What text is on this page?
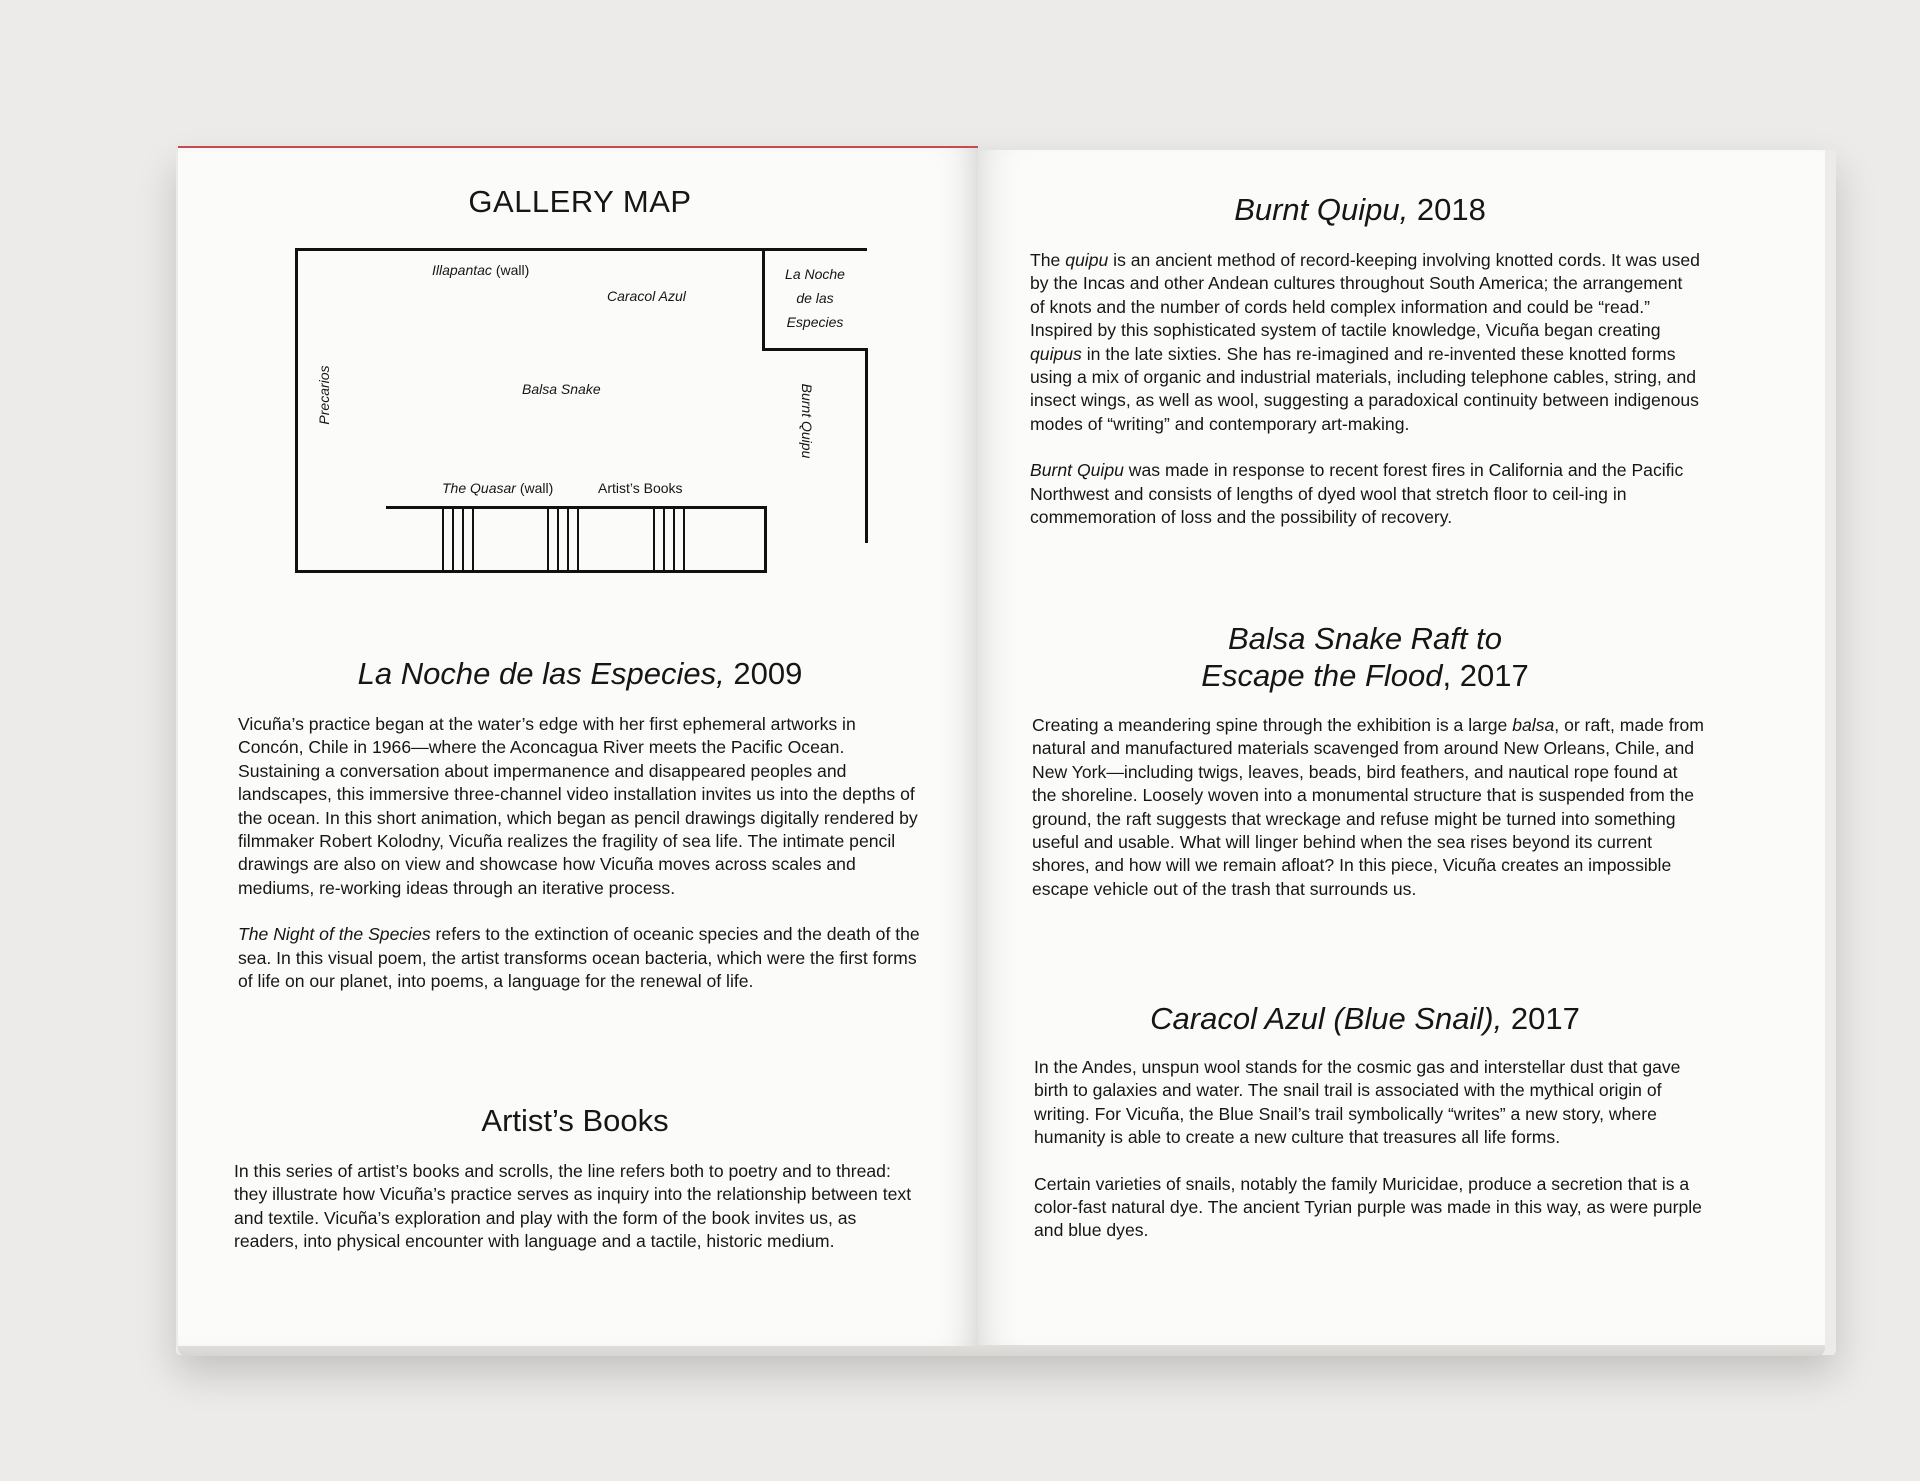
GALLERY MAP
Illapantac (wall)
Caracol Azul
La Noche
de las
Especies
Precarios	Balsa Snake	Burnt Quipu
The Quasar (wall)	Artist’s Books
La Noche de las Especies, 2009
Vicuña’s practice began at the water’s edge with her first ephemeral artworks in Concón, Chile in 1966—where the Aconcagua River meets the Pacific Ocean. Sustaining a conversation about impermanence and disappeared peoples and landscapes, this immersive three-channel video installation invites us into the depths of the ocean. In this short animation, which began as pencil drawings digitally rendered by filmmaker Robert Kolodny, Vicuña realizes the fragility of sea life. The intimate pencil drawings are also on view and showcase how Vicuña moves across scales and mediums, re-working ideas through an iterative process.
The Night of the Species refers to the extinction of oceanic species and the death of the sea. In this visual poem, the artist transforms ocean bacteria, which were the first forms of life on our planet, into poems, a language for the renewal of life.
Artist’s Books
In this series of artist’s books and scrolls, the line refers both to poetry and to thread: they illustrate how Vicuña’s practice serves as inquiry into the relationship between text and textile. Vicuña’s exploration and play with the form of the book invites us, as readers, into physical encounter with language and a tactile, historic medium.
Burnt Quipu, 2018
The quipu is an ancient method of record-keeping involving knotted cords. It was used by the Incas and other Andean cultures throughout South America; the arrangement of knots and the number of cords held complex information and could be “read.” Inspired by this sophisticated system of tactile knowledge, Vicuña began creating quipus in the late sixties. She has re-imagined and re-invented these knotted forms using a mix of organic and industrial materials, including telephone cables, string, and insect wings, as well as wool, suggesting a paradoxical continuity between indigenous modes of “writing” and contemporary art-making.
Burnt Quipu was made in response to recent forest fires in California and the Pacific Northwest and consists of lengths of dyed wool that stretch floor to ceil-ing in commemoration of loss and the possibility of recovery.
Balsa Snake Raft to
Escape the Flood, 2017
Creating a meandering spine through the exhibition is a large balsa, or raft, made from natural and manufactured materials scavenged from around New Orleans, Chile, and New York—including twigs, leaves, beads, bird feathers, and nautical rope found at the shoreline. Loosely woven into a monumental structure that is suspended from the ground, the raft suggests that wreckage and refuse might be turned into something useful and usable. What will linger behind when the sea rises beyond its current shores, and how will we remain afloat? In this piece, Vicuña creates an impossible escape vehicle out of the trash that surrounds us.
Caracol Azul (Blue Snail), 2017
In the Andes, unspun wool stands for the cosmic gas and interstellar dust that gave birth to galaxies and water. The snail trail is associated with the mythical origin of writing. For Vicuña, the Blue Snail’s trail symbolically “writes” a new story, where humanity is able to create a new culture that treasures all life forms.
Certain varieties of snails, notably the family Muricidae, produce a secretion that is a color-fast natural dye. The ancient Tyrian purple was made in this way, as were purple and blue dyes.
